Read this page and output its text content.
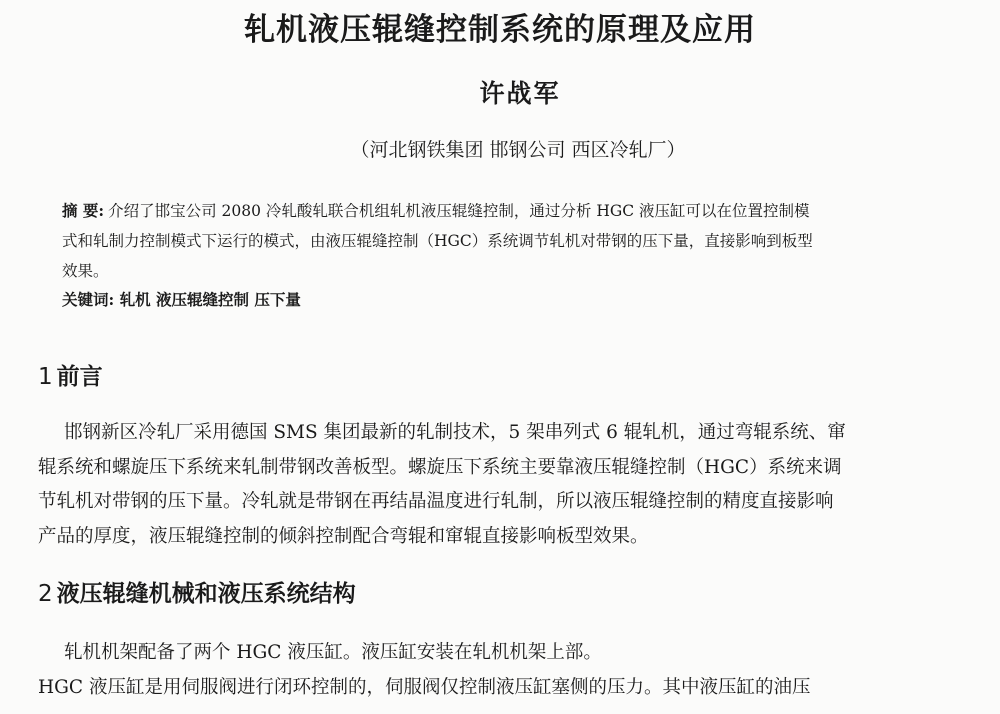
轧机液压辊缝控制系统的原理及应用
许战军
（河北钢铁集团 邯钢公司 西区冷轧厂）
摘 要: 介绍了邯宝公司 2080 冷轧酸轧联合机组轧机液压辊缝控制，通过分析 HGC 液压缸可以在位置控制模
式和轧制力控制模式下运行的模式，由液压辊缝控制（HGC）系统调节轧机对带钢的压下量，直接影响到板型
效果。
关键词: 轧机 液压辊缝控制 压下量
1 前言
邯钢新区冷轧厂采用德国 SMS 集团最新的轧制技术，5 架串列式 6 辊轧机，通过弯辊系统、窜
辊系统和螺旋压下系统来轧制带钢改善板型。螺旋压下系统主要靠液压辊缝控制（HGC）系统来调
节轧机对带钢的压下量。冷轧就是带钢在再结晶温度进行轧制，所以液压辊缝控制的精度直接影响
产品的厚度，液压辊缝控制的倾斜控制配合弯辊和窜辊直接影响板型效果。
2 液压辊缝机械和液压系统结构
轧机机架配备了两个 HGC 液压缸。液压缸安装在轧机机架上部。
HGC 液压缸是用伺服阀进行闭环控制的，伺服阀仅控制液压缸塞侧的压力。其中液压缸的油压
